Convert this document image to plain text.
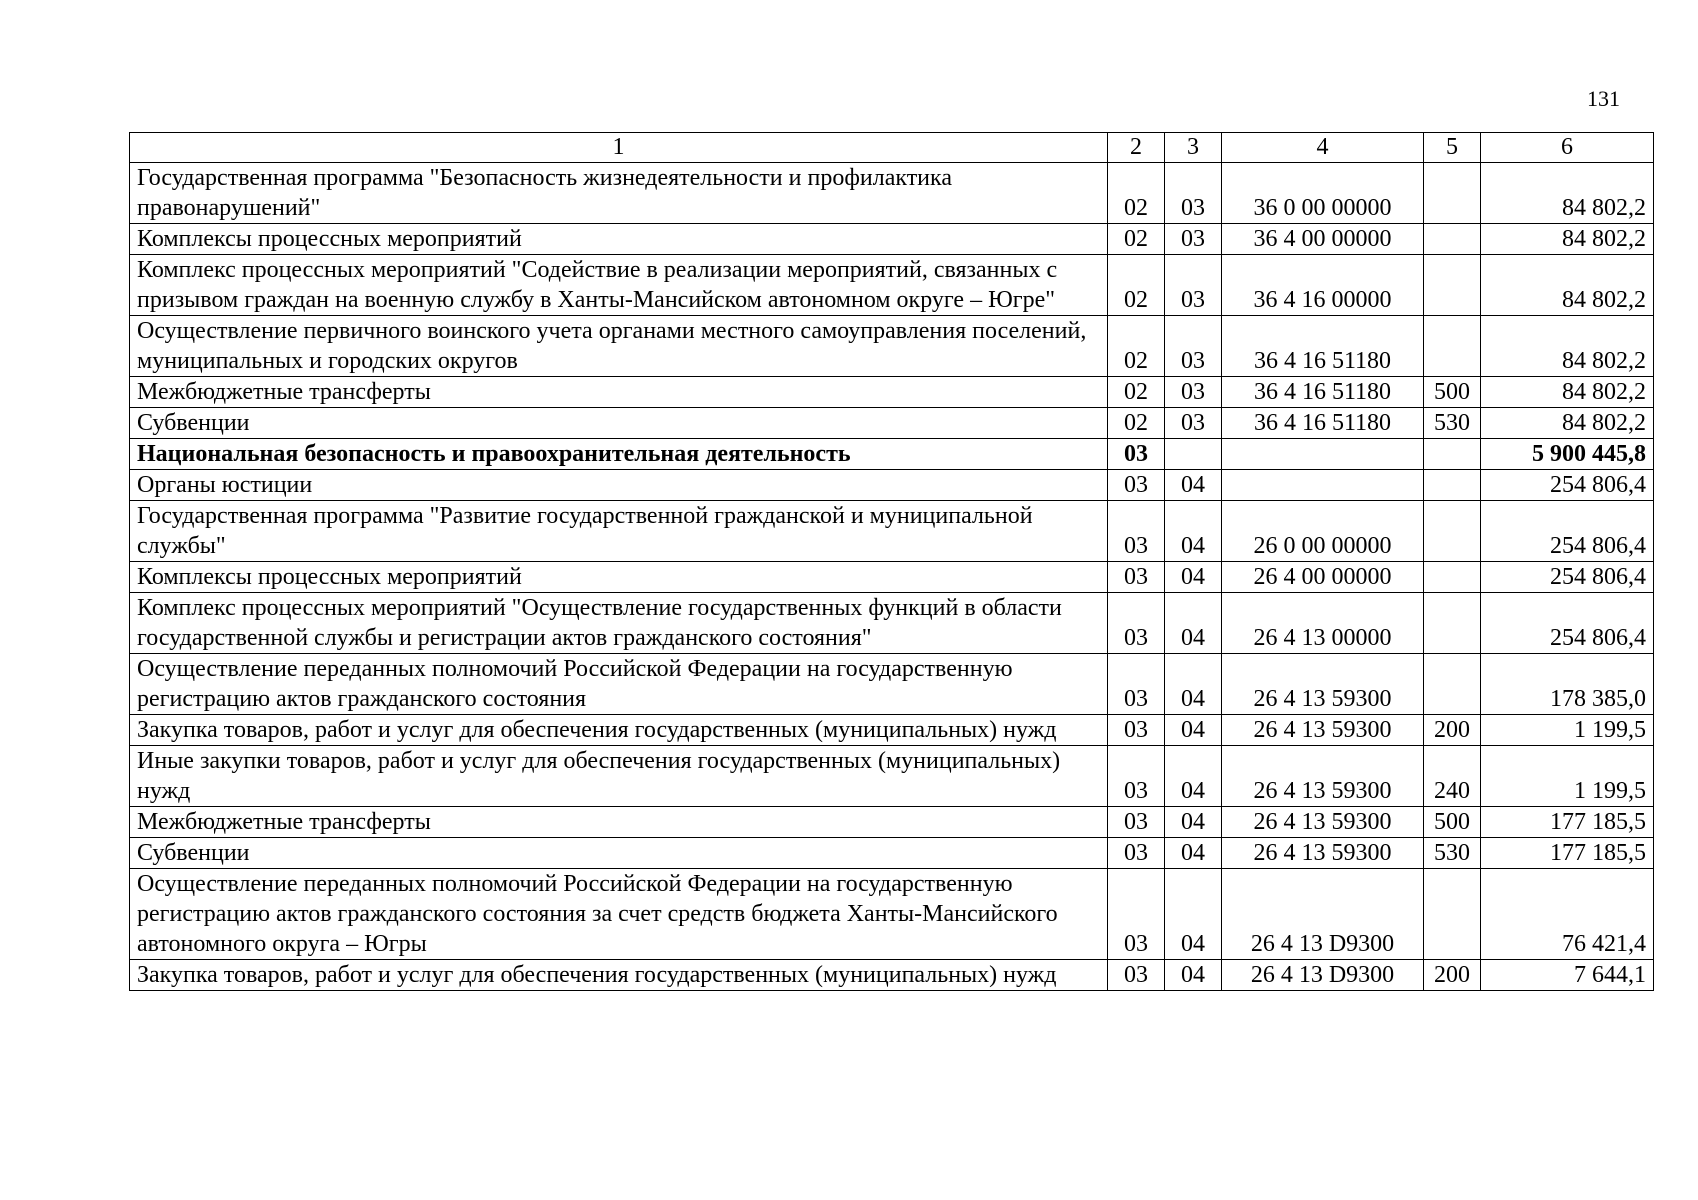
131
1	2	3	4	5	6
Государственная программа "Безопасность жизнедеятельности и профилактика правонарушений"	02	03	36 0 00 00000		84 802,2
Комплексы процессных мероприятий	02	03	36 4 00 00000		84 802,2
Комплекс процессных мероприятий "Содействие в реализации мероприятий, связанных с призывом граждан на военную службу в Ханты-Мансийском автономном округе – Югре"	02	03	36 4 16 00000		84 802,2
Осуществление первичного воинского учета органами местного самоуправления поселений, муниципальных и городских округов	02	03	36 4 16 51180		84 802,2
Межбюджетные трансферты	02	03	36 4 16 51180	500	84 802,2
Субвенции	02	03	36 4 16 51180	530	84 802,2
Национальная безопасность и правоохранительная деятельность	03				5 900 445,8
Органы юстиции	03	04			254 806,4
Государственная программа "Развитие государственной гражданской и муниципальной службы"	03	04	26 0 00 00000		254 806,4
Комплексы процессных мероприятий	03	04	26 4 00 00000		254 806,4
Комплекс процессных мероприятий "Осуществление государственных функций в области государственной службы и регистрации актов гражданского состояния"	03	04	26 4 13 00000		254 806,4
Осуществление переданных полномочий Российской Федерации на государственную регистрацию актов гражданского состояния	03	04	26 4 13 59300		178 385,0
Закупка товаров, работ и услуг для обеспечения государственных (муниципальных) нужд	03	04	26 4 13 59300	200	1 199,5
Иные закупки товаров, работ и услуг для обеспечения государственных (муниципальных) нужд	03	04	26 4 13 59300	240	1 199,5
Межбюджетные трансферты	03	04	26 4 13 59300	500	177 185,5
Субвенции	03	04	26 4 13 59300	530	177 185,5
Осуществление переданных полномочий Российской Федерации на государственную регистрацию актов гражданского состояния за счет средств бюджета Ханты-Мансийского автономного округа – Югры	03	04	26 4 13 D9300		76 421,4
Закупка товаров, работ и услуг для обеспечения государственных (муниципальных) нужд	03	04	26 4 13 D9300	200	7 644,1
